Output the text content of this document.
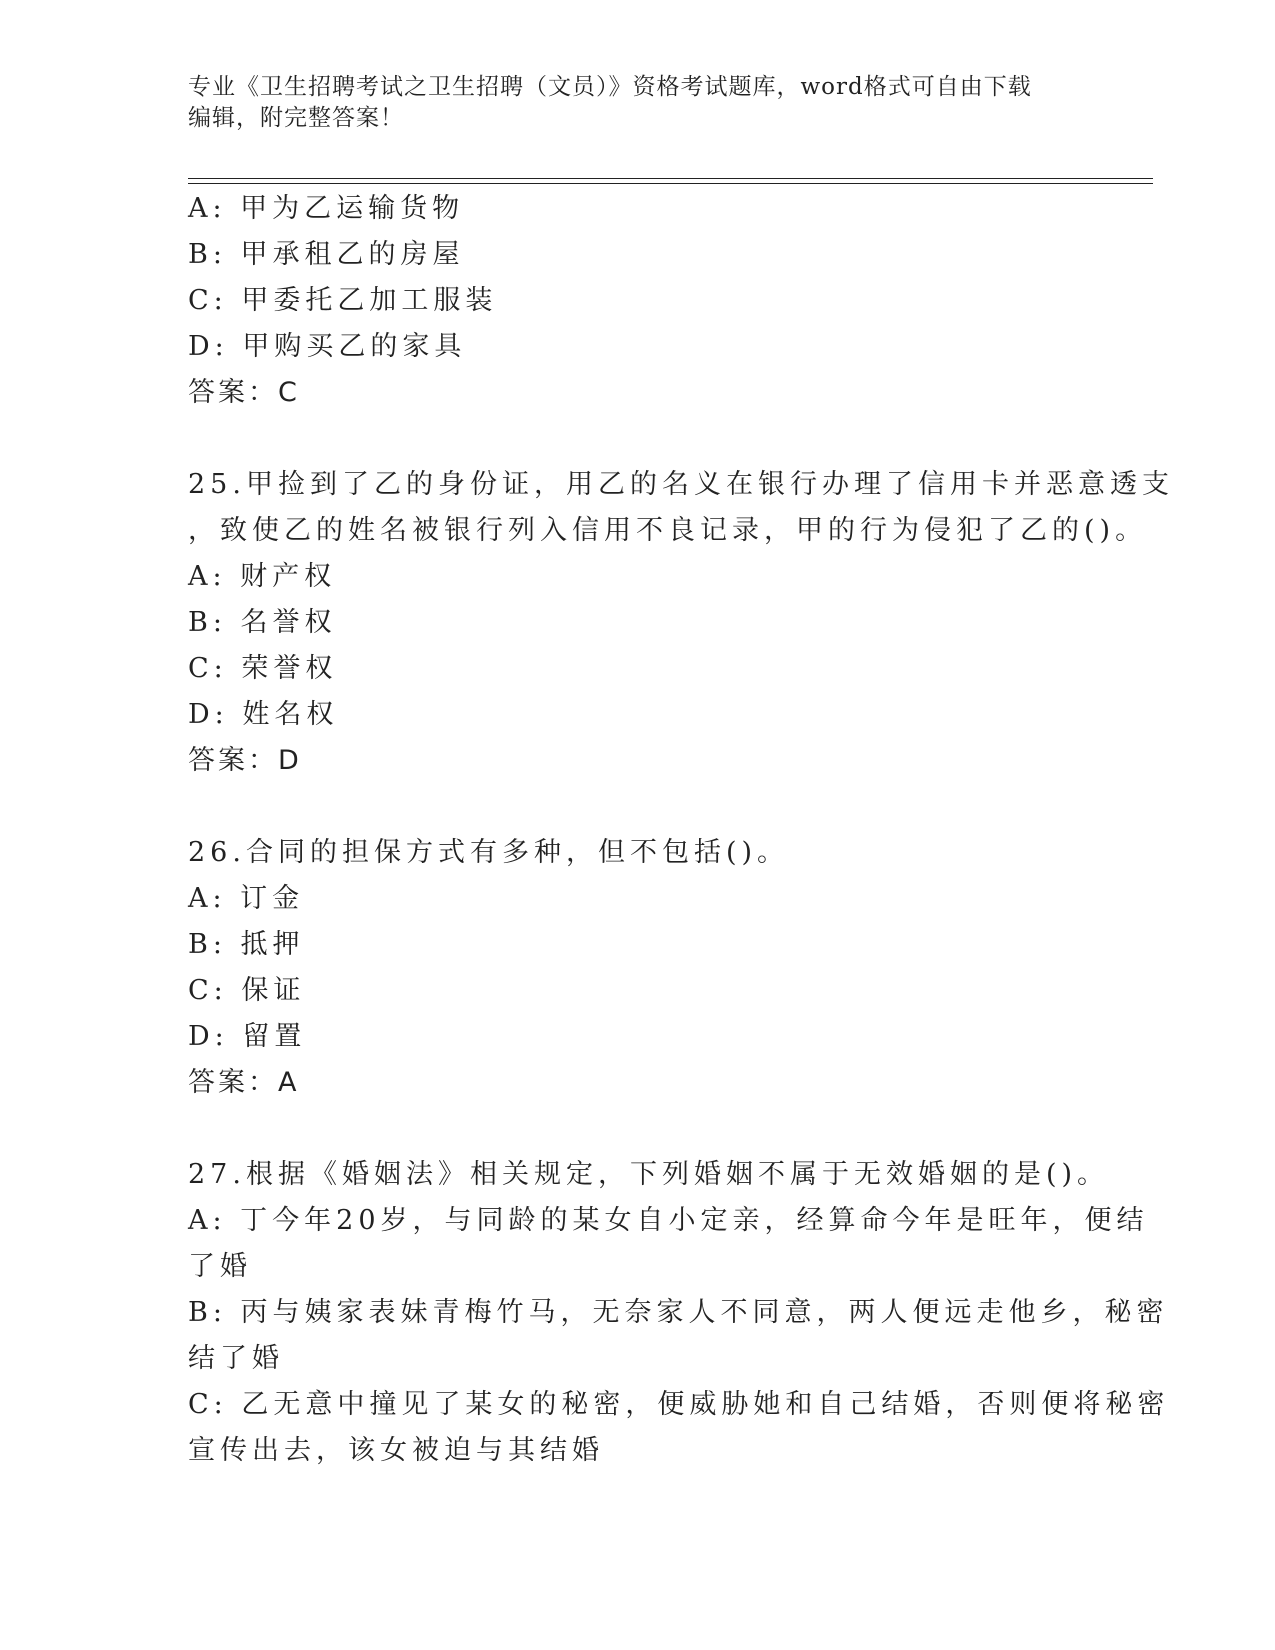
专业《卫生招聘考试之卫生招聘（文员）》资格考试题库，word格式可自由下载
编辑，附完整答案！
A: 甲为乙运输货物
B: 甲承租乙的房屋
C: 甲委托乙加工服装
D: 甲购买乙的家具
答案：C
25.甲捡到了乙的身份证，用乙的名义在银行办理了信用卡并恶意透支
，致使乙的姓名被银行列入信用不良记录，甲的行为侵犯了乙的()。
A: 财产权
B: 名誉权
C: 荣誉权
D: 姓名权
答案：D
26.合同的担保方式有多种，但不包括()。
A: 订金
B: 抵押
C: 保证
D: 留置
答案：A
27.根据《婚姻法》相关规定，下列婚姻不属于无效婚姻的是()。
A: 丁今年20岁，与同龄的某女自小定亲，经算命今年是旺年，便结
了婚
B: 丙与姨家表妹青梅竹马，无奈家人不同意，两人便远走他乡，秘密
结了婚
C: 乙无意中撞见了某女的秘密，便威胁她和自己结婚，否则便将秘密
宣传出去，该女被迫与其结婚
